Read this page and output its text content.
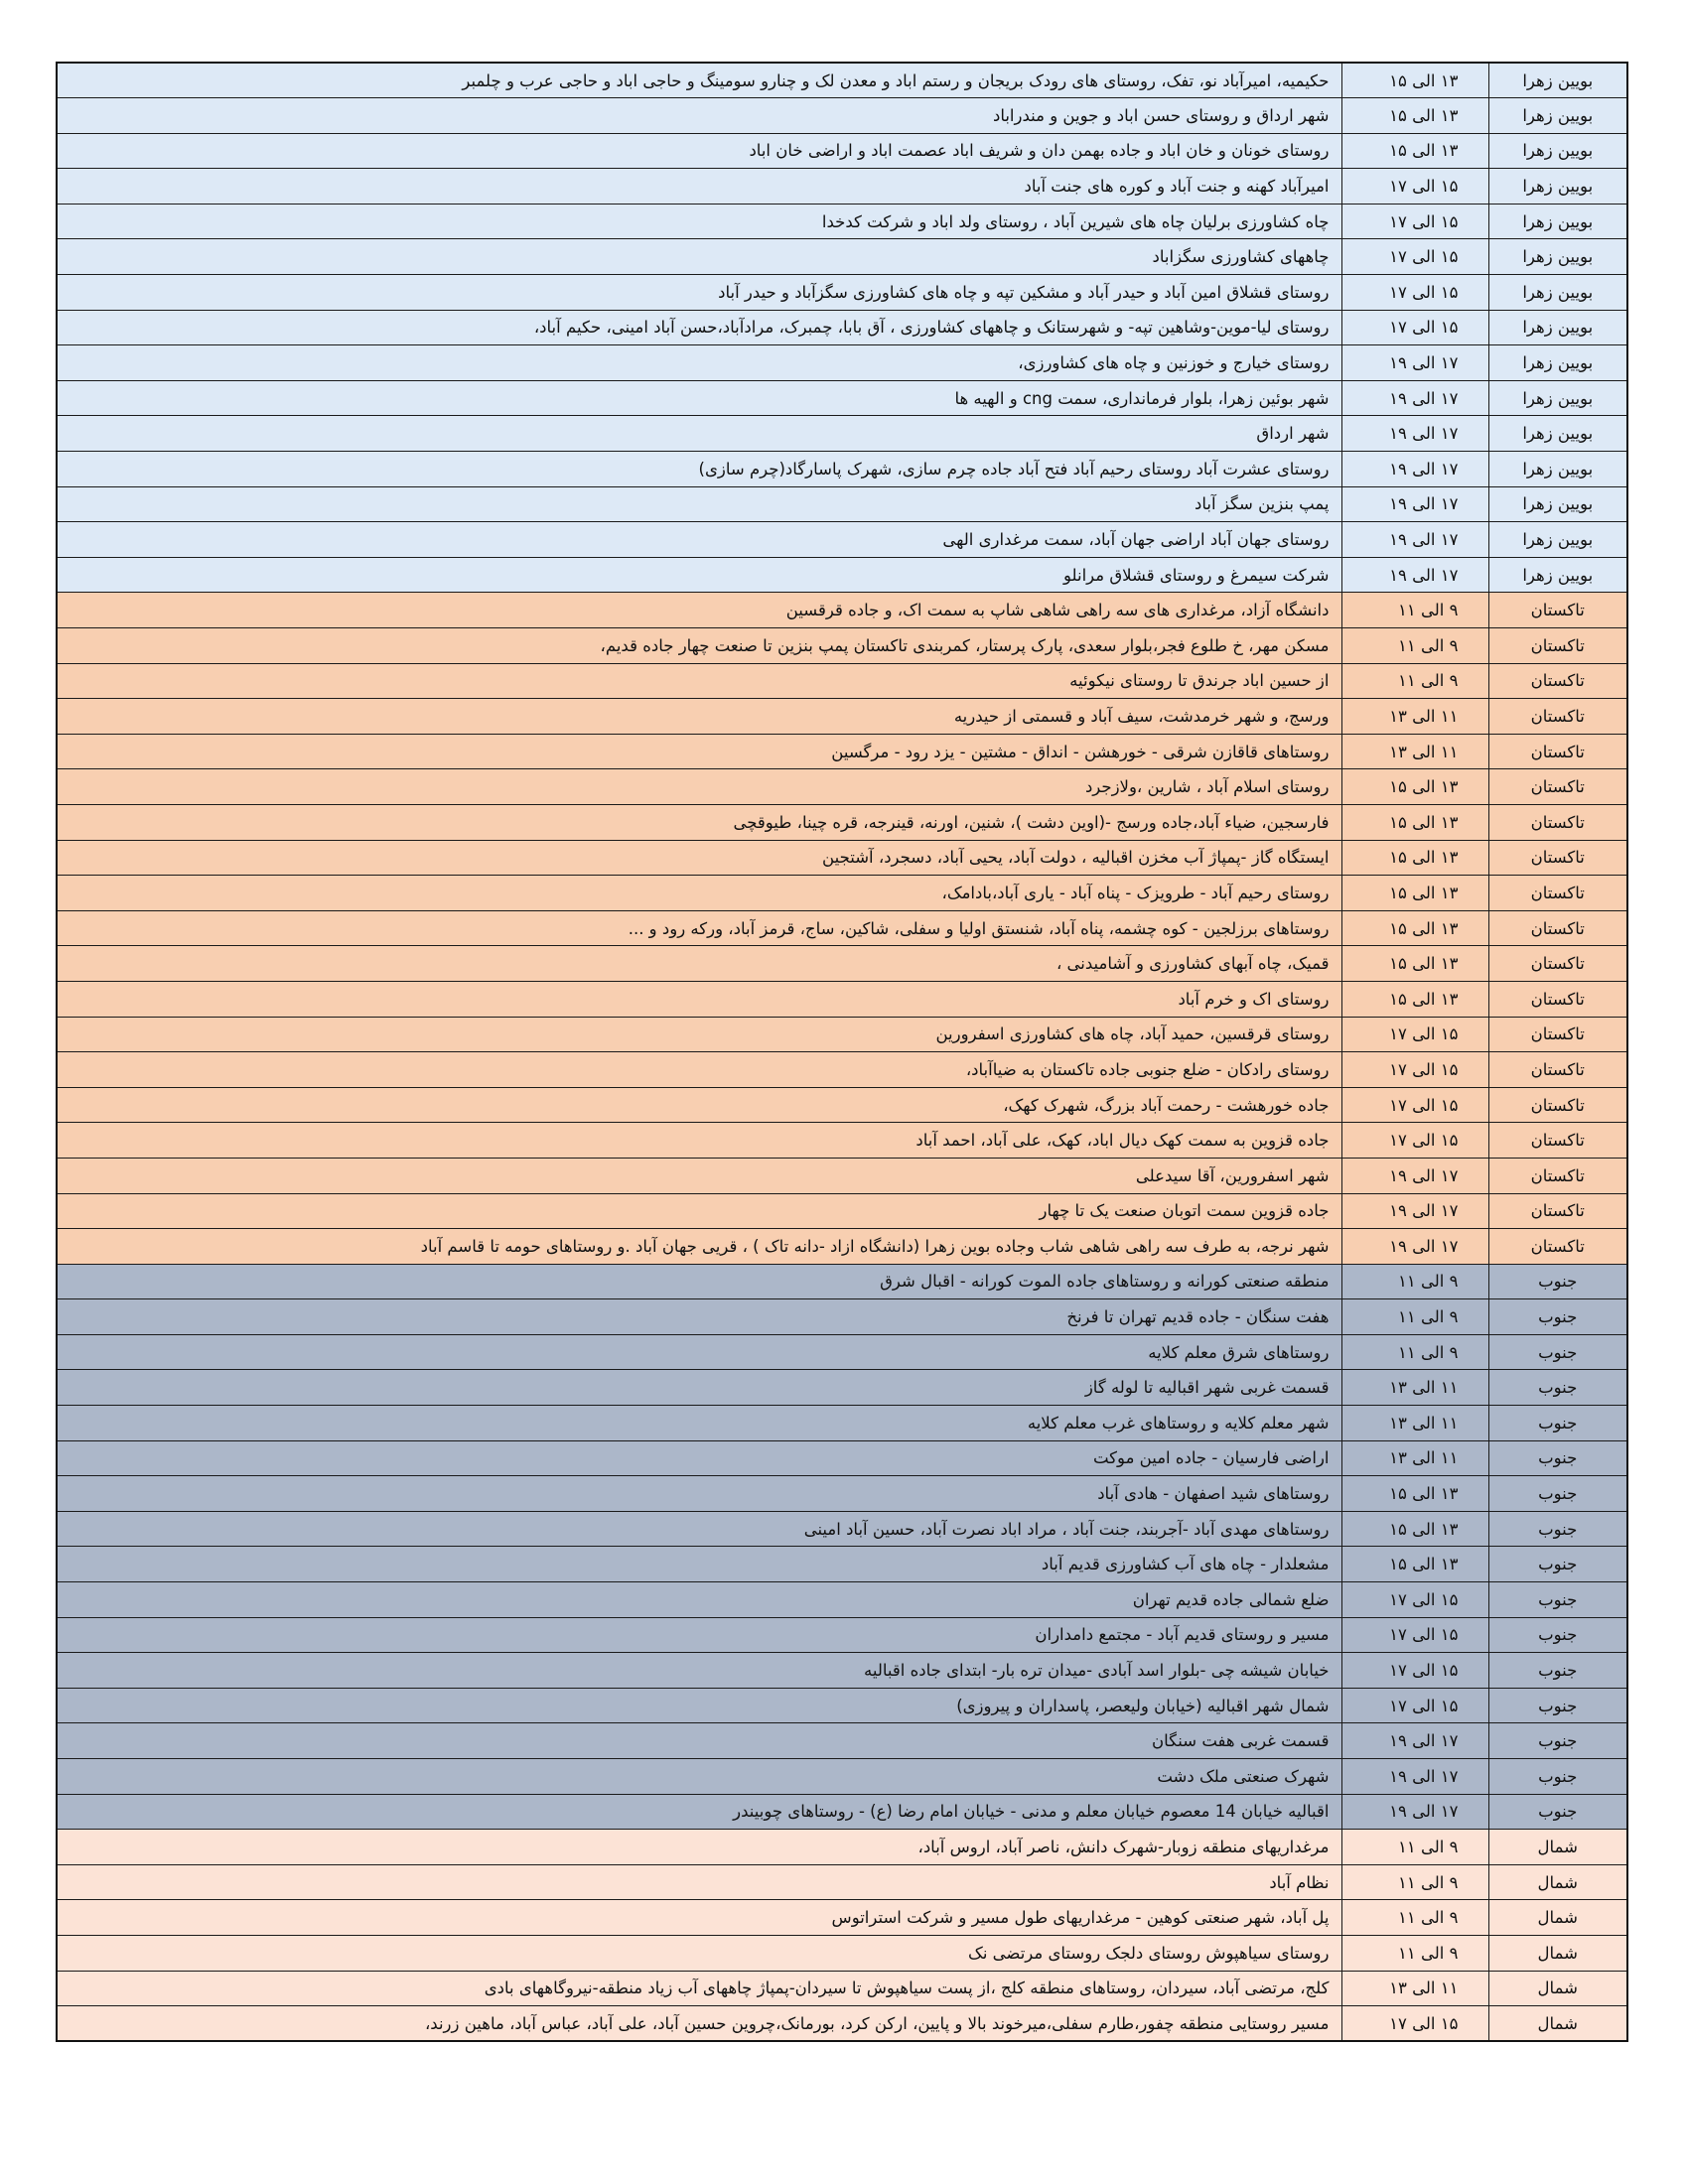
بویین زهرا	۱۳ الی ۱۵	حکیمیه، امیرآباد نو، تفک، روستای های رودک بریجان و رستم اباد و معدن لک و چنارو سومینگ و حاجی اباد و حاجی عرب و چلمبر
بویین زهرا	۱۳ الی ۱۵	شهر ارداق و روستای حسن اباد و جوین و مندراباد
بویین زهرا	۱۳ الی ۱۵	روستای خونان و خان اباد و جاده بهمن دان و شریف اباد عصمت اباد و اراضی خان اباد
بویین زهرا	۱۵ الی ۱۷	امیرآباد کهنه و جنت آباد و کوره های جنت آباد
بویین زهرا	۱۵ الی ۱۷	چاه کشاورزی برلیان چاه های شیرین آباد ، روستای ولد اباد و شرکت کدخدا
بویین زهرا	۱۵ الی ۱۷	چاههای کشاورزی سگزاباد
بویین زهرا	۱۵ الی ۱۷	روستای قشلاق امین آباد و حیدر آباد و مشکین تپه و چاه های کشاورزی سگزآباد و حیدر آباد
بویین زهرا	۱۵ الی ۱۷	روستای لیا-موین-وشاهین تپه- و شهرستانک و چاههای کشاورزی ، آق بابا، چمبرک، مرادآباد،حسن آباد امینی، حکیم آباد،
بویین زهرا	۱۷ الی ۱۹	روستای خیارج و خوزنین و چاه های کشاورزی،
بویین زهرا	۱۷ الی ۱۹	شهر بوئین زهرا، بلوار فرمانداری، سمت cng و الهیه ها
بویین زهرا	۱۷ الی ۱۹	شهر ارداق
بویین زهرا	۱۷ الی ۱۹	روستای عشرت آباد روستای رحیم آباد فتح آباد جاده چرم سازی، شهرک پاسارگاد(چرم سازی)
بویین زهرا	۱۷ الی ۱۹	پمپ بنزین سگز آباد
بویین زهرا	۱۷ الی ۱۹	روستای جهان آباد اراضی جهان آباد، سمت مرغداری الهی
بویین زهرا	۱۷ الی ۱۹	شرکت سیمرغ و روستای قشلاق مرانلو
تاکستان	۹ الی ۱۱	دانشگاه آزاد، مرغداری های سه راهی شاهی شاپ به سمت اک، و جاده قرقسین
تاکستان	۹ الی ۱۱	مسکن مهر، خ طلوع فجر،بلوار سعدی، پارک پرستار، کمربندی تاکستان پمپ بنزین تا صنعت چهار جاده قدیم،
تاکستان	۹ الی ۱۱	از حسین اباد جرندق تا روستای نیکوئیه
تاکستان	۱۱ الی ۱۳	ورسج، و شهر خرمدشت، سیف آباد و قسمتی از حیدریه
تاکستان	۱۱ الی ۱۳	روستاهای قاقازن شرقی - خورهشن - انداق - مشتین - یزد رود - مرگسین
تاکستان	۱۳ الی ۱۵	روستای اسلام آباد ، شارین ،ولازجرد
تاکستان	۱۳ الی ۱۵	فارسجین، ضیاء آباد،جاده ورسج -(اوین دشت )، شنین، اورنه، قینرجه، قره چینا، طیوقچی
تاکستان	۱۳ الی ۱۵	ایستگاه گاز -پمپاژ آب مخزن اقبالیه ، دولت آباد، یحیی آباد، دسجرد، آشتجین
تاکستان	۱۳ الی ۱۵	روستای رحیم آباد - طرویزک - پناه آباد - یاری آباد،بادامک،
تاکستان	۱۳ الی ۱۵	روستاهای برزلجین - کوه چشمه، پناه آباد، شنستق اولیا و سفلی، شاکین، ساج، قرمز آباد، ورکه رود و ...
تاکستان	۱۳ الی ۱۵	قمیک، چاه آبهای کشاورزی و آشامیدنی ،
تاکستان	۱۳ الی ۱۵	روستای اک و خرم آباد
تاکستان	۱۵ الی ۱۷	روستای قرقسین، حمید آباد، چاه های کشاورزی اسفرورین
تاکستان	۱۵ الی ۱۷	روستای رادکان - ضلع جنوبی جاده تاکستان به ضیاآباد،
تاکستان	۱۵ الی ۱۷	جاده خورهشت - رحمت آباد بزرگ، شهرک کهک،
تاکستان	۱۵ الی ۱۷	جاده قزوین به سمت کهک دیال اباد، کهک، علی آباد، احمد آباد
تاکستان	۱۷ الی ۱۹	شهر اسفرورین، آقا سیدعلی
تاکستان	۱۷ الی ۱۹	جاده قزوین سمت اتوبان صنعت یک تا چهار
تاکستان	۱۷ الی ۱۹	شهر نرجه، به طرف سه راهی شاهی شاب وجاده بوین زهرا (دانشگاه ازاد -دانه تاک ) ، قریی جهان آباد .و روستاهای حومه تا قاسم آباد
جنوب	۹ الی ۱۱	منطقه صنعتی کورانه و روستاهای جاده الموت کورانه - اقبال شرق
جنوب	۹ الی ۱۱	هفت سنگان - جاده قدیم تهران تا فرنخ
جنوب	۹ الی ۱۱	روستاهای شرق معلم کلایه
جنوب	۱۱ الی ۱۳	قسمت غربی شهر اقبالیه تا لوله گاز
جنوب	۱۱ الی ۱۳	شهر معلم کلایه و روستاهای غرب معلم کلایه
جنوب	۱۱ الی ۱۳	اراضی فارسیان - جاده امین موکت
جنوب	۱۳ الی ۱۵	روستاهای شید اصفهان - هادی آباد
جنوب	۱۳ الی ۱۵	روستاهای مهدی آباد -آجربند، جنت آباد ، مراد اباد نصرت آباد، حسین آباد امینی
جنوب	۱۳ الی ۱۵	مشعلدار - چاه های آب کشاورزی قدیم آباد
جنوب	۱۵ الی ۱۷	ضلع شمالی جاده قدیم تهران
جنوب	۱۵ الی ۱۷	مسیر و روستای قدیم آباد - مجتمع دامداران
جنوب	۱۵ الی ۱۷	خیابان شیشه چی -بلوار اسد آبادی -میدان تره بار- ابتدای جاده اقبالیه
جنوب	۱۵ الی ۱۷	شمال شهر اقبالیه (خیابان ولیعصر، پاسداران و پیروزی)
جنوب	۱۷ الی ۱۹	قسمت غربی هفت سنگان
جنوب	۱۷ الی ۱۹	شهرک صنعتی ملک دشت
جنوب	۱۷ الی ۱۹	اقبالیه خیابان 14 معصوم خیابان معلم و مدنی - خیابان امام رضا (ع) - روستاهای چوبیندر
شمال	۹ الی ۱۱	مرغداریهای منطقه زوبار-شهرک دانش، ناصر آباد، اروس آباد،
شمال	۹ الی ۱۱	نظام آباد
شمال	۹ الی ۱۱	پل آباد، شهر صنعتی کوهین - مرغداریهای طول مسیر و شرکت استراتوس
شمال	۹ الی ۱۱	روستای سیاهپوش روستای دلجک روستای مرتضی نک
شمال	۱۱ الی ۱۳	کلج، مرتضی آباد، سیردان، روستاهای منطقه کلج ،از پست سیاهپوش تا سیردان-پمپاژ چاههای آب زیاد منطقه-نیروگاههای بادی
شمال	۱۵ الی ۱۷	مسیر روستایی منطقه چفور،طارم سفلی،میرخوند بالا و پایین، ارکن کرد، بورمانک،چروین حسین آباد، علی آباد، عباس آباد، ماهین زرند،
